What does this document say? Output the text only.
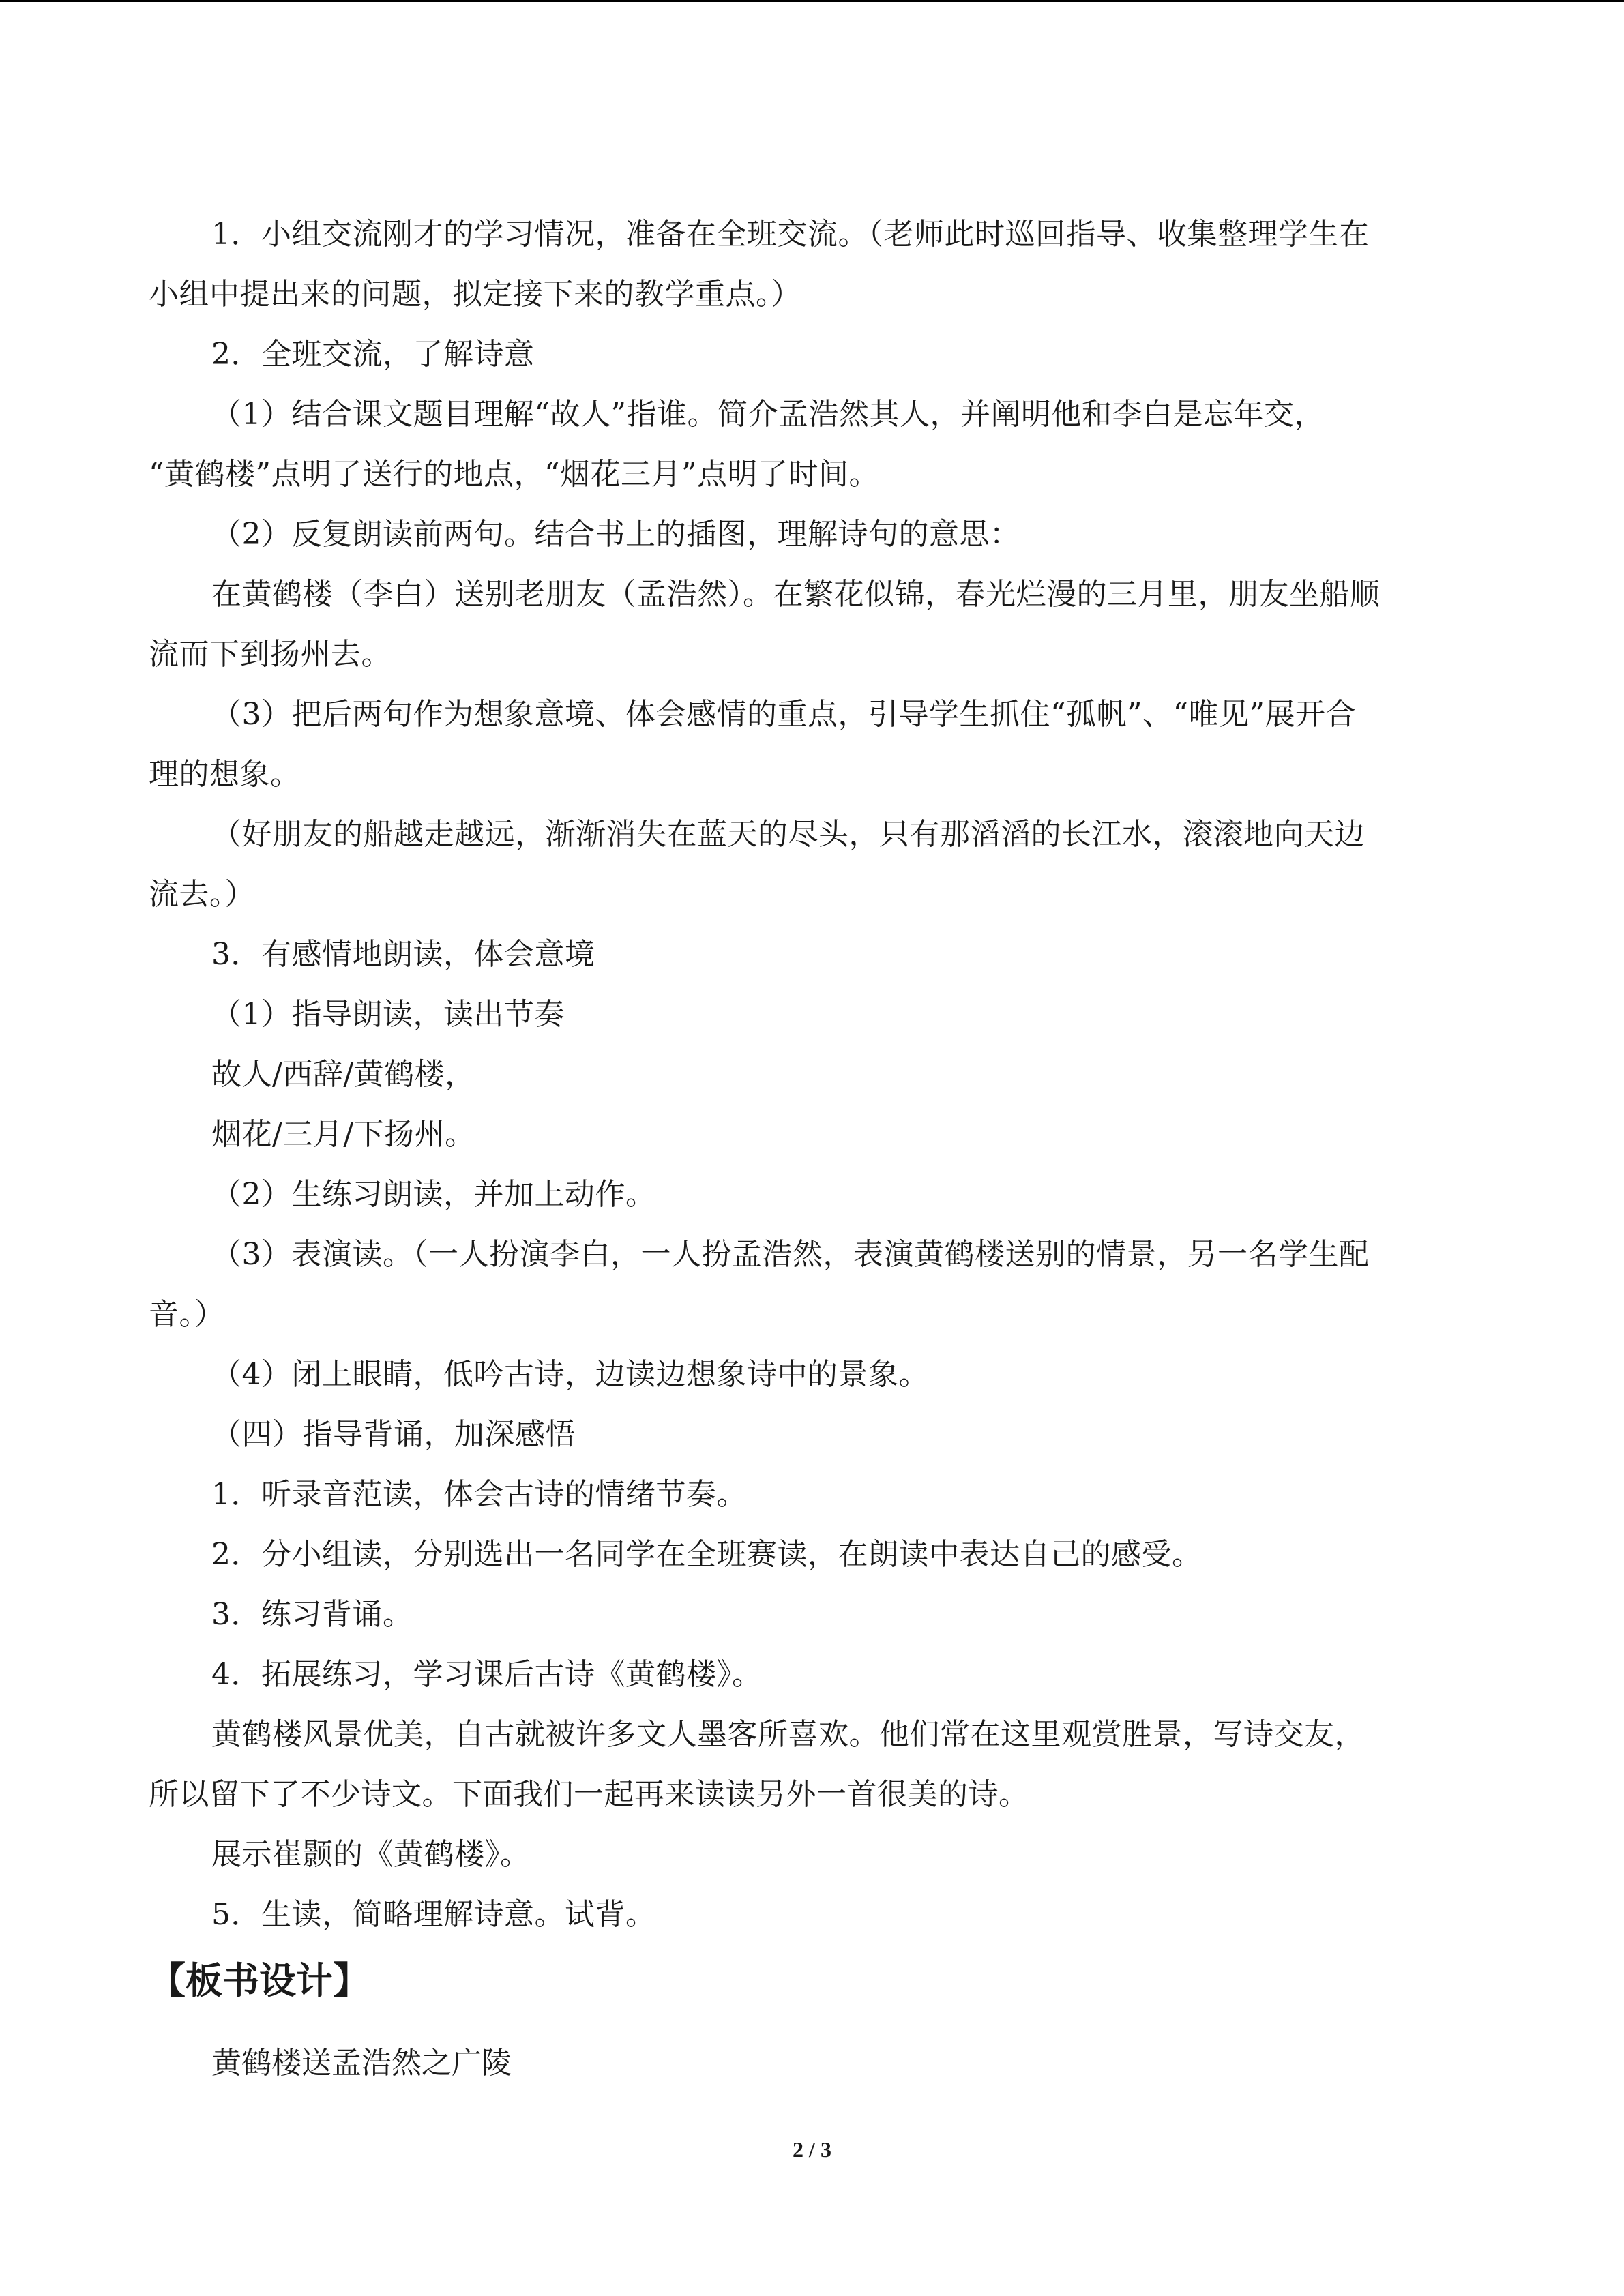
1．小组交流刚才的学习情况，准备在全班交流。（老师此时巡回指导、收集整理学生在
小组中提出来的问题，拟定接下来的教学重点。）
2．全班交流，了解诗意
（1）结合课文题目理解“故人”指谁。简介孟浩然其人，并阐明他和李白是忘年交，
“黄鹤楼”点明了送行的地点，“烟花三月”点明了时间。
（2）反复朗读前两句。结合书上的插图，理解诗句的意思：
在黄鹤楼（李白）送别老朋友（孟浩然）。在繁花似锦，春光烂漫的三月里，朋友坐船顺
流而下到扬州去。
（3）把后两句作为想象意境、体会感情的重点，引导学生抓住“孤帆”、“唯见”展开合
理的想象。
（好朋友的船越走越远，渐渐消失在蓝天的尽头，只有那滔滔的长江水，滚滚地向天边
流去。）
3．有感情地朗读，体会意境
（1）指导朗读，读出节奏
故人/西辞/黄鹤楼，
烟花/三月/下扬州。
（2）生练习朗读，并加上动作。
（3）表演读。（一人扮演李白，一人扮孟浩然，表演黄鹤楼送别的情景，另一名学生配
音。）
（4）闭上眼睛，低吟古诗，边读边想象诗中的景象。
（四）指导背诵，加深感悟
1．听录音范读，体会古诗的情绪节奏。
2．分小组读，分别选出一名同学在全班赛读，在朗读中表达自己的感受。
3．练习背诵。
4．拓展练习，学习课后古诗《黄鹤楼》。
黄鹤楼风景优美，自古就被许多文人墨客所喜欢。他们常在这里观赏胜景，写诗交友，
所以留下了不少诗文。下面我们一起再来读读另外一首很美的诗。
展示崔颢的《黄鹤楼》。
5．生读，简略理解诗意。试背。
【板书设计】
黄鹤楼送孟浩然之广陵
2 / 3
